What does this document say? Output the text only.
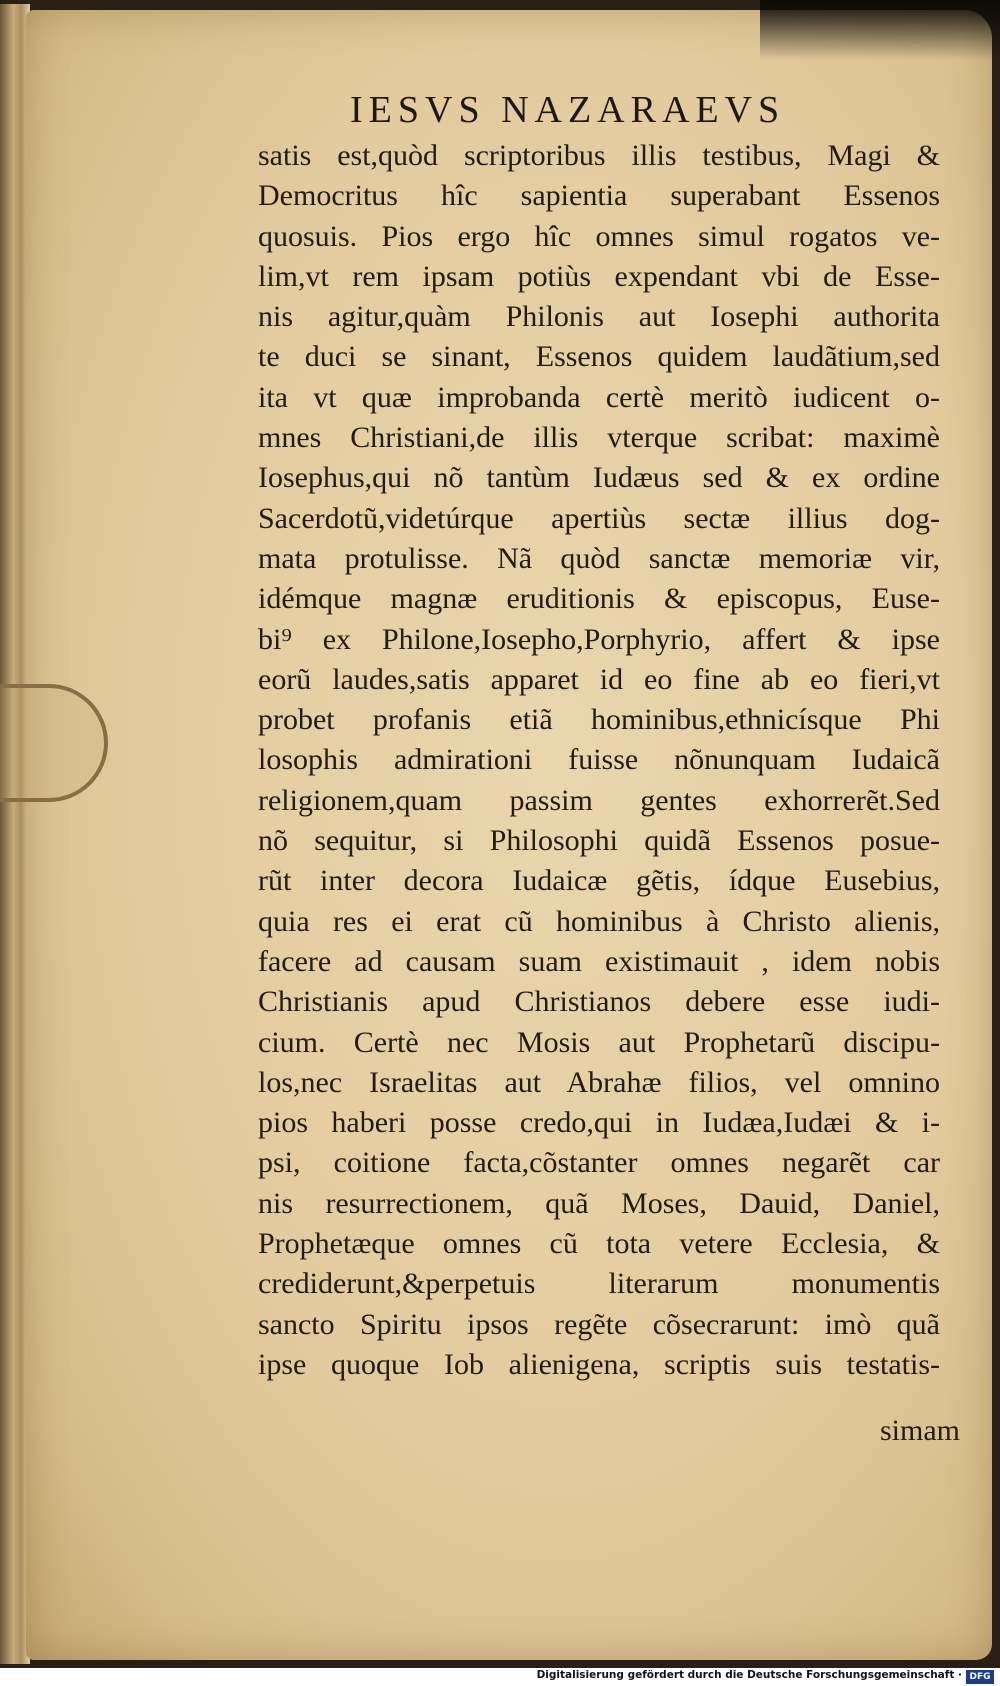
IESVS NAZARAEVS
satis est,quòd scriptoribus illis testibus, Magi &
Democritus hîc sapientia superabant Essenos
quosuis. Pios ergo hîc omnes simul rogatos ve-
lim,vt rem ipsam potiùs expendant vbi de Esse-
nis agitur,quàm Philonis aut Iosephi authorita
te duci se sinant, Essenos quidem laudãtium,sed
ita vt quæ improbanda certè meritò iudicent o-
mnes Christiani,de illis vterque scribat: maximè
Iosephus,qui nõ tantùm Iudæus sed & ex ordine
Sacerdotũ,videtúrque apertiùs sectæ illius dog-
mata protulisse. Nã quòd sanctæ memoriæ vir,
idémque magnæ eruditionis & episcopus, Euse-
bi⁹ ex Philone,Iosepho,Porphyrio, affert & ipse
eorũ laudes,satis apparet id eo fine ab eo fieri,vt
probet profanis etiã hominibus,ethnicísque Phi
losophis admirationi fuisse nõnunquam Iudaicã
religionem,quam passim gentes exhorrerẽt.Sed
nõ sequitur, si Philosophi quidã Essenos posue-
rũt inter decora Iudaicæ gẽtis, ídque Eusebius,
quia res ei erat cũ hominibus à Christo alienis,
facere ad causam suam existimauit , idem nobis
Christianis apud Christianos debere esse iudi-
cium. Certè nec Mosis aut Prophetarũ discipu-
los,nec Israelitas aut Abrahæ filios, vel omnino
pios haberi posse credo,qui in Iudæa,Iudæi & i-
psi, coitione facta,cõstanter omnes negarẽt car
nis resurrectionem, quã Moses, Dauid, Daniel,
Prophetæque omnes cũ tota vetere Ecclesia, &
crediderunt,&perpetuis literarum monumentis
sancto Spiritu ipsos regẽte cõsecrarunt: imò quã
ipse quoque Iob alienigena, scriptis suis testatis-
simam
Digitalisierung gefördert durch die Deutsche Forschungsgemeinschaft · DFG
